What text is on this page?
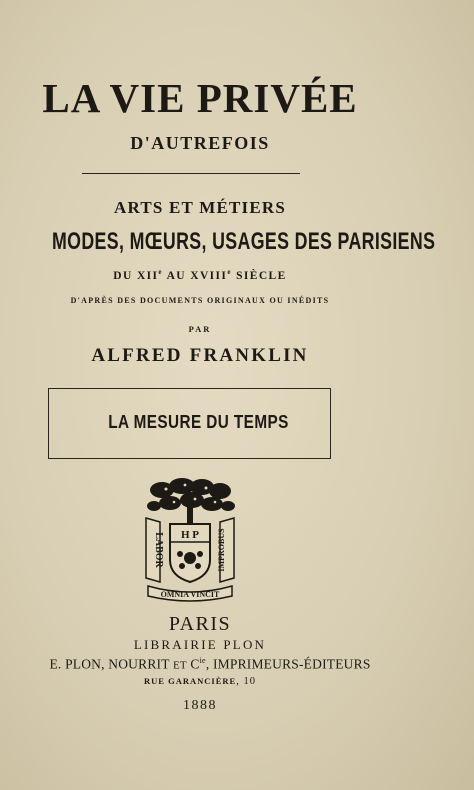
LA VIE PRIVÉE
D'AUTREFOIS
ARTS ET MÉTIERS
MODES, MŒURS, USAGES DES PARISIENS
DU XIIe AU XVIIIe SIÈCLE
D'APRÈS DES DOCUMENTS ORIGINAUX OU INÉDITS
PAR
ALFRED FRANKLIN
LA MESURE DU TEMPS
H P
LABOR	IMPROBUS
OMNIA VINCIT
PARIS
LIBRAIRIE PLON
E. PLON, NOURRIT ET $C^{ie}$, IMPRIMEURS-ÉDITEURS
RUE GARANCIÈRE, 10
1888
